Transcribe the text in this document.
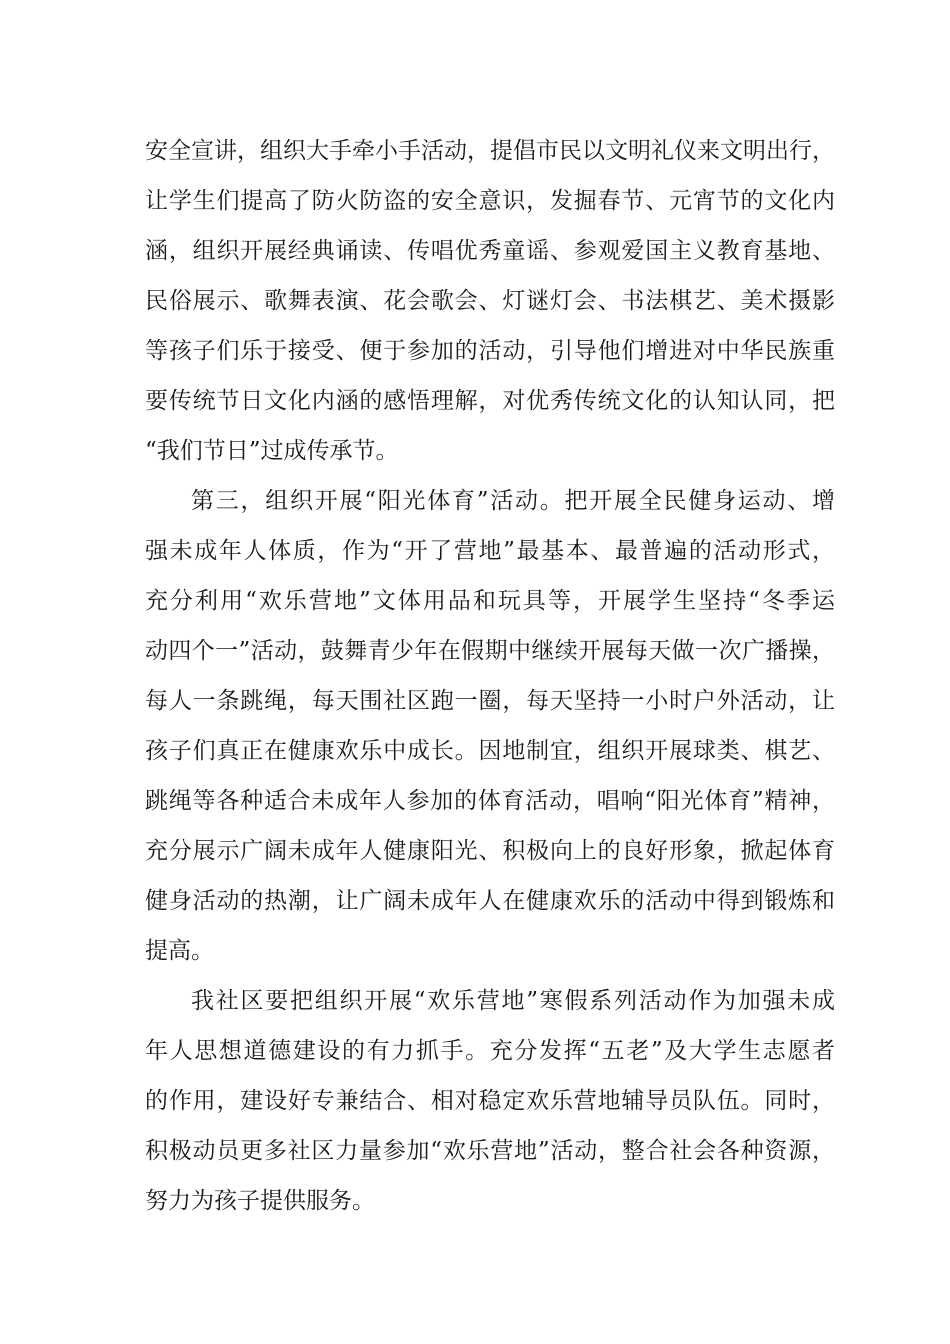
安全宣讲，组织大手牵小手活动，提倡市民以文明礼仪来文明出行，
让学生们提高了防火防盗的安全意识，发掘春节、元宵节的文化内
涵，组织开展经典诵读、传唱优秀童谣、参观爱国主义教育基地、
民俗展示、歌舞表演、花会歌会、灯谜灯会、书法棋艺、美术摄影
等孩子们乐于接受、便于参加的活动，引导他们增进对中华民族重
要传统节日文化内涵的感悟理解，对优秀传统文化的认知认同，把
“我们节日”过成传承节。
第三，组织开展“阳光体育”活动。把开展全民健身运动、增
强未成年人体质，作为“开了营地”最基本、最普遍的活动形式，
充分利用“欢乐营地”文体用品和玩具等，开展学生坚持“冬季运
动四个一”活动，鼓舞青少年在假期中继续开展每天做一次广播操，
每人一条跳绳，每天围社区跑一圈，每天坚持一小时户外活动，让
孩子们真正在健康欢乐中成长。因地制宜，组织开展球类、棋艺、
跳绳等各种适合未成年人参加的体育活动，唱响“阳光体育”精神，
充分展示广阔未成年人健康阳光、积极向上的良好形象，掀起体育
健身活动的热潮，让广阔未成年人在健康欢乐的活动中得到锻炼和
提高。
我社区要把组织开展“欢乐营地”寒假系列活动作为加强未成
年人思想道德建设的有力抓手。充分发挥“五老”及大学生志愿者
的作用，建设好专兼结合、相对稳定欢乐营地辅导员队伍。同时，
积极动员更多社区力量参加“欢乐营地”活动，整合社会各种资源，
努力为孩子提供服务。
